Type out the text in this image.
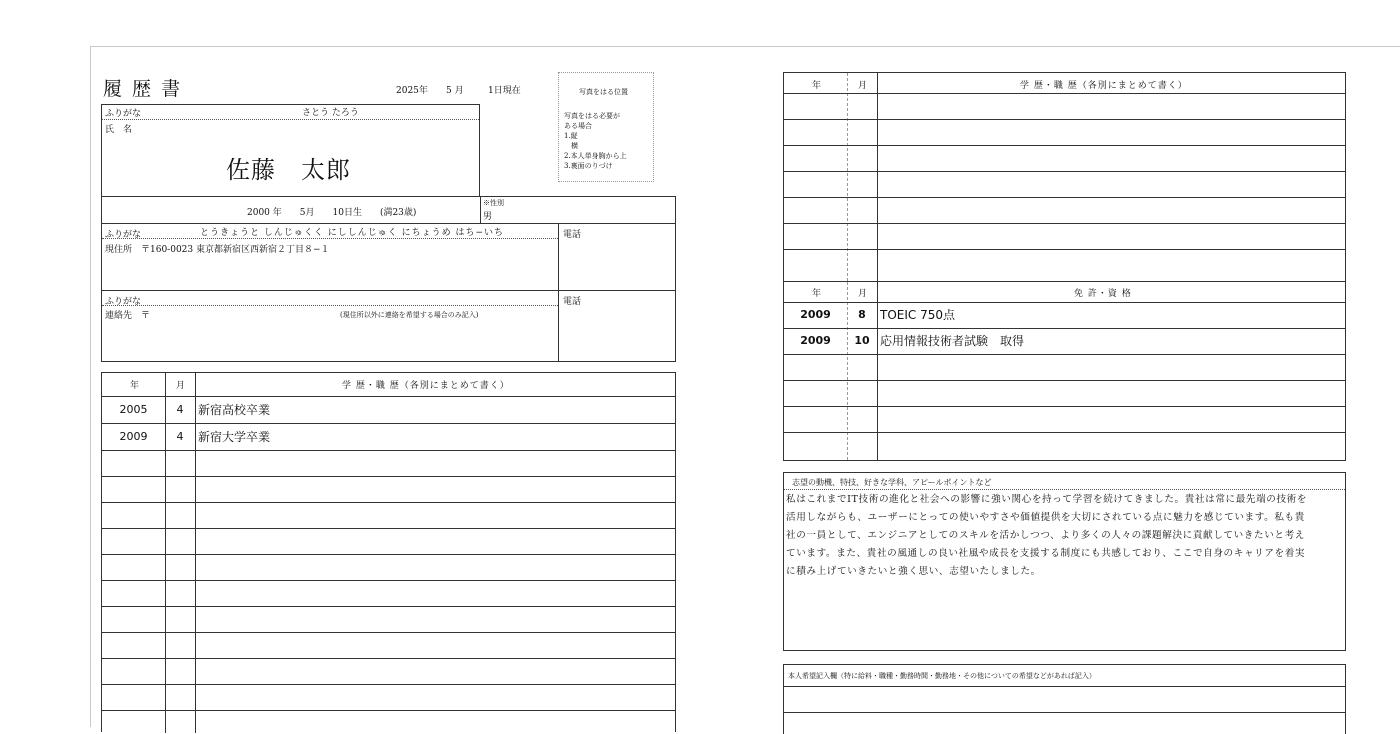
履 歴 書	2025年 5 月	1日現在	写真をはる位置
写真をはる必要が
ある場合
1.縦
　横
2.本人単身胸から上
3.裏面のりづけ
ふりがな	さとう たろう
氏　名
佐藤　太郎
2000 年　　5月　　10日生　　(満23歳)
※性別
男
ふりがな	とうきょうと しんじゅくく にししんじゅく にちょうめ はち−いち
現住所　〒160-0023 東京都新宿区西新宿２丁目８−１
電話
ふりがな
連絡先　〒	(現住所以外に連絡を希望する場合のみ記入)
電話
年	月	学 歴・職 歴（各別にまとめて書く）
2005	4	新宿高校卒業
2009	4	新宿大学卒業
年	月	学 歴・職 歴（各別にまとめて書く）
年	月	免 許・資 格
2009	8	TOEIC 750点
2009	10 応用情報技術者試験　取得
志望の動機、特技、好きな学科、アピールポイントなど
私はこれまでIT技術の進化と社会への影響に強い関心を持って学習を続けてきました。貴社は常に最先端の技術を
活用しながらも、ユーザーにとっての使いやすさや価値提供を大切にされている点に魅力を感じています。私も貴
社の一員として、エンジニアとしてのスキルを活かしつつ、より多くの人々の課題解決に貢献していきたいと考え
ています。また、貴社の風通しの良い社風や成長を支援する制度にも共感しており、ここで自身のキャリアを着実
に積み上げていきたいと強く思い、志望いたしました。
本人希望記入欄（特に給料・職種・勤務時間・勤務地・その他についての希望などがあれば記入）
